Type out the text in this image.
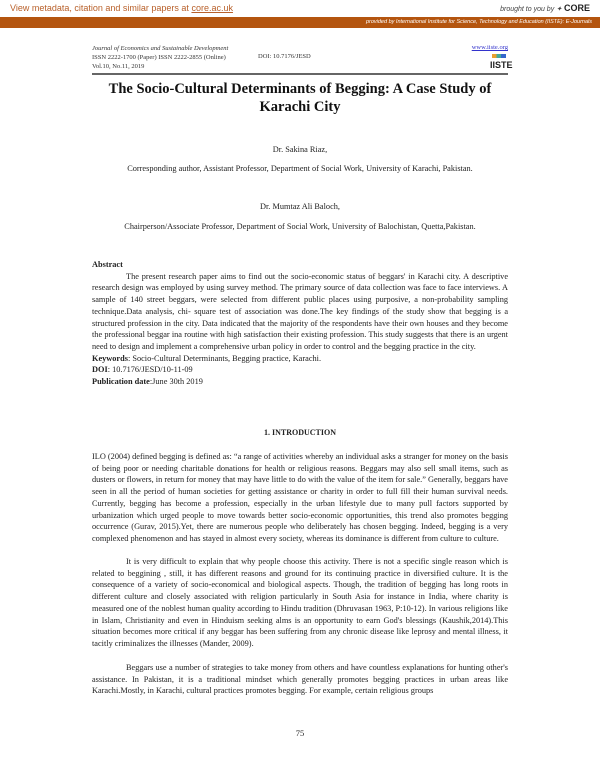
View metadata, citation and similar papers at core.ac.uk	brought to you by ✦ CORE
provided by International Institute for Science, Technology and Education (IISTE): E-Journals
Journal of Economics and Sustainable Development
ISSN 2222-1700 (Paper) ISSN 2222-2855 (Online)
Vol.10, No.11, 2019
DOI: 10.7176/JESD
www.iiste.org
IISTE
The Socio-Cultural Determinants of Begging: A Case Study of Karachi City
Dr. Sakina Riaz,
Corresponding author, Assistant Professor, Department of Social Work, University of Karachi, Pakistan.
Dr. Mumtaz Ali Baloch,
Chairperson/Associate Professor, Department of Social Work, University of Balochistan, Quetta,Pakistan.
Abstract
The present research paper aims to find out the socio-economic status of beggars' in Karachi city. A descriptive research design was employed by using survey method. The primary source of data collection was face to face interviews. A sample of 140 street beggars, were selected from different public places using purposive, a non-probability sampling technique.Data analysis, chi- square test of association was done.The key findings of the study show that begging is a structured profession in the city. Data indicated that the majority of the respondents have their own houses and they become the professional beggar ina routine with high satisfaction their existing profession. This study suggests that there is an urgent need to design and implement a comprehensive urban policy in order to control and the begging practice in the city.
Keywords: Socio-Cultural Determinants, Begging practice, Karachi.
DOI: 10.7176/JESD/10-11-09
Publication date:June 30th 2019
1. INTRODUCTION
ILO (2004) defined begging is defined as: “a range of activities whereby an individual asks a stranger for money on the basis of being poor or needing charitable donations for health or religious reasons. Beggars may also sell small items, such as dusters or flowers, in return for money that may have little to do with the value of the item for sale.” Generally, beggars have seen in all the period of human societies for getting assistance or charity in order to full fill their human survival needs. Currently, begging has become a profession, especially in the urban lifestyle due to many pull factors supported by urbanization which urged people to move towards better socio-economic opportunities, this trend also promotes begging occurrence (Gurav, 2015).Yet, there are numerous people who deliberately has chosen begging. Indeed, begging is a very complexed phenomenon and has stayed in almost every society, whereas its dominance is different from culture to culture.
It is very difficult to explain that why people choose this activity. There is not a specific single reason which is related to beggining , still, it has different reasons and ground for its continuing practice in diversified culture. It is the consequence of a variety of socio-economical and biological aspects. Though, the tradition of begging has long roots in different culture and closely associated with religion particularly in South Asia for instance in India, where charity is measured one of the noblest human quality according to Hindu tradition (Dhruvasan 1963, P:10-12). In various religions like in Islam, Christianity and even in Hinduism seeking alms is an opportunity to earn God's blessings (Kaushik,2014).This situation becomes more critical if any beggar has been suffering from any chronic disease like leprosy and mental illness, it tacitly criminalizes the illnesses (Mander, 2009).
Beggars use a number of strategies to take money from others and have countless explanations for hunting other's assistance. In Pakistan, it is a traditional mindset which generally promotes begging practices in urban areas like Karachi.Mostly, in Karachi, cultural practices promotes begging. For example, certain religious groups
75
